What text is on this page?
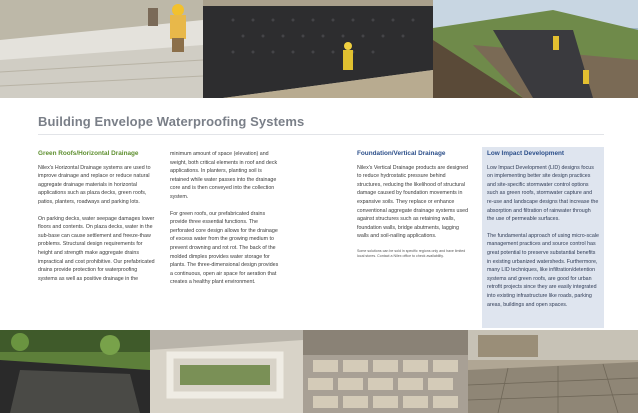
Building Envelope Waterproofing Systems
Green Roofs/Horizontal Drainage

Nilex's Horizontal Drainage systems are used to improve drainage and replace or reduce natural aggregate drainage materials in horizontal applications such as plaza decks, green roofs, patios, planters, roadways and parking lots.

On parking decks, water seepage damages lower floors and contents. On plaza decks, water in the sub-base can cause settlement and freeze-thaw problems. Structural design requirements for height and strength make aggregate drains impractical and cost prohibitive. Our prefabricated drains provide protection for waterproofing systems as well as positive drainage in the

minimum amount of space (elevation) and weight, both critical elements in roof and deck applications. In planters, planting soil is retained while water passes into the drainage core and is then conveyed into the collection system.

For green roofs, our prefabricated drains provide three essential functions. The perforated core design allows for the drainage of excess water from the growing medium to prevent drowning and rot rot. The back of the molded dimples provides water storage for plants. The three-dimensional design provides a continuous, open air space for aeration that creates a healthy plant environment.

Foundation/Vertical Drainage

Nilex's Vertical Drainage products are designed to reduce hydrostatic pressure behind structures, reducing the likelihood of structural damage caused by foundation movements in expansive soils. They replace or enhance conventional aggregate drainage systems used against structures such as retaining walls, foundation walls, bridge abutments, lagging walls and soil-nailing applications.

Some solutions can be sold in specific regions only and have limited local stores. Contact a Nilex office to check availability.
Low Impact Development

Low Impact Development (LID) designs focus on implementing better site design practices and site-specific stormwater control options such as green roofs, stormwater capture and re-use and landscape designs that increase the absorption and filtration of rainwater through the use of permeable surfaces.

The fundamental approach of using micro-scale management practices and source control has great potential to preserve substantial benefits in existing urbanized watersheds. Furthermore, many LID techniques, like infiltration/detention systems and green roofs, are good for urban retrofit projects since they are easily integrated into existing infrastructure like roads, parking areas, buildings and open spaces.
